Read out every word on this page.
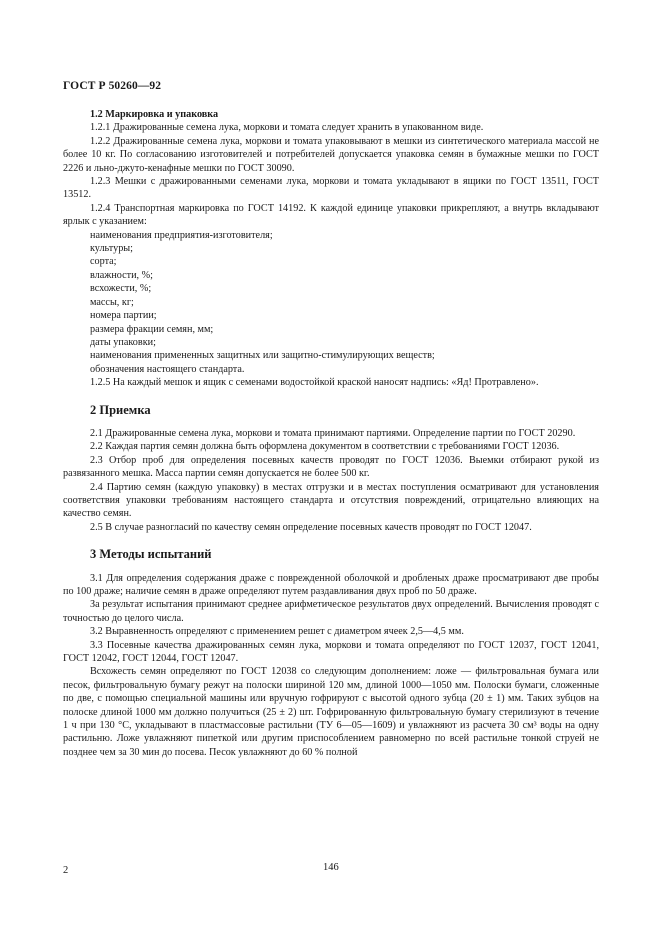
ГОСТ Р 50260—92

1.2 Маркировка и упаковка

1.2.1 Дражированные семена лука, моркови и томата следует хранить в упакованном виде.

1.2.2 Дражированные семена лука, моркови и томата упаковывают в мешки из синтетического материала массой не более 10 кг. По согласованию изготовителей и потребителей допускается упаковка семян в бумажные мешки по ГОСТ 2226 и льно-джуто-кенафные мешки по ГОСТ 30090.

1.2.3 Мешки с дражированными семенами лука, моркови и томата укладывают в ящики по ГОСТ 13511, ГОСТ 13512.

1.2.4 Транспортная маркировка по ГОСТ 14192. К каждой единице упаковки прикрепляют, а внутрь вкладывают ярлык с указанием:

наименования предприятия-изготовителя;

культуры;

сорта;

влажности, %;

всхожести, %;

массы, кг;

номера партии;

размера фракции семян, мм;

даты упаковки;

наименования примененных защитных или защитно-стимулирующих веществ;

обозначения настоящего стандарта.

1.2.5 На каждый мешок и ящик с семенами водостойкой краской наносят надпись: «Яд! Протравлено».

2 Приемка

2.1 Дражированные семена лука, моркови и томата принимают партиями. Определение партии по ГОСТ 20290.

2.2 Каждая партия семян должна быть оформлена документом в соответствии с требованиями ГОСТ 12036.

2.3 Отбор проб для определения посевных качеств проводят по ГОСТ 12036. Выемки отбирают рукой из развязанного мешка. Масса партии семян допускается не более 500 кг.

2.4 Партию семян (каждую упаковку) в местах отгрузки и в местах поступления осматривают для установления соответствия упаковки требованиям настоящего стандарта и отсутствия повреждений, отрицательно влияющих на качество семян.

2.5 В случае разногласий по качеству семян определение посевных качеств проводят по ГОСТ 12047.

3 Методы испытаний

3.1 Для определения содержания драже с поврежденной оболочкой и дробленых драже просматривают две пробы по 100 драже; наличие семян в драже определяют путем раздавливания двух проб по 50 драже.

За результат испытания принимают среднее арифметическое результатов двух определений. Вычисления проводят с точностью до целого числа.

3.2 Выравненность определяют с применением решет с диаметром ячеек 2,5—4,5 мм.

3.3 Посевные качества дражированных семян лука, моркови и томата определяют по ГОСТ 12037, ГОСТ 12041, ГОСТ 12042, ГОСТ 12044, ГОСТ 12047.

Всхожесть семян определяют по ГОСТ 12038 со следующим дополнением: ложе — фильтровальная бумага или песок, фильтровальную бумагу режут на полоски шириной 120 мм, длиной 1000—1050 мм. Полоски бумаги, сложенные по две, с помощью специальной машины или вручную гофрируют с высотой одного зубца (20 ± 1) мм. Таких зубцов на полоске длиной 1000 мм должно получиться (25 ± 2) шт. Гофрированную фильтровальную бумагу стерилизуют в течение 1 ч при 130 °С, укладывают в пластмассовые растильни (ТУ 6—05—1609) и увлажняют из расчета 30 см³ воды на одну растильню. Ложе увлажняют пипеткой или другим приспособлением равномерно по всей растильне тонкой струей не позднее чем за 30 мин до посева. Песок увлажняют до 60 % полной

2	146
